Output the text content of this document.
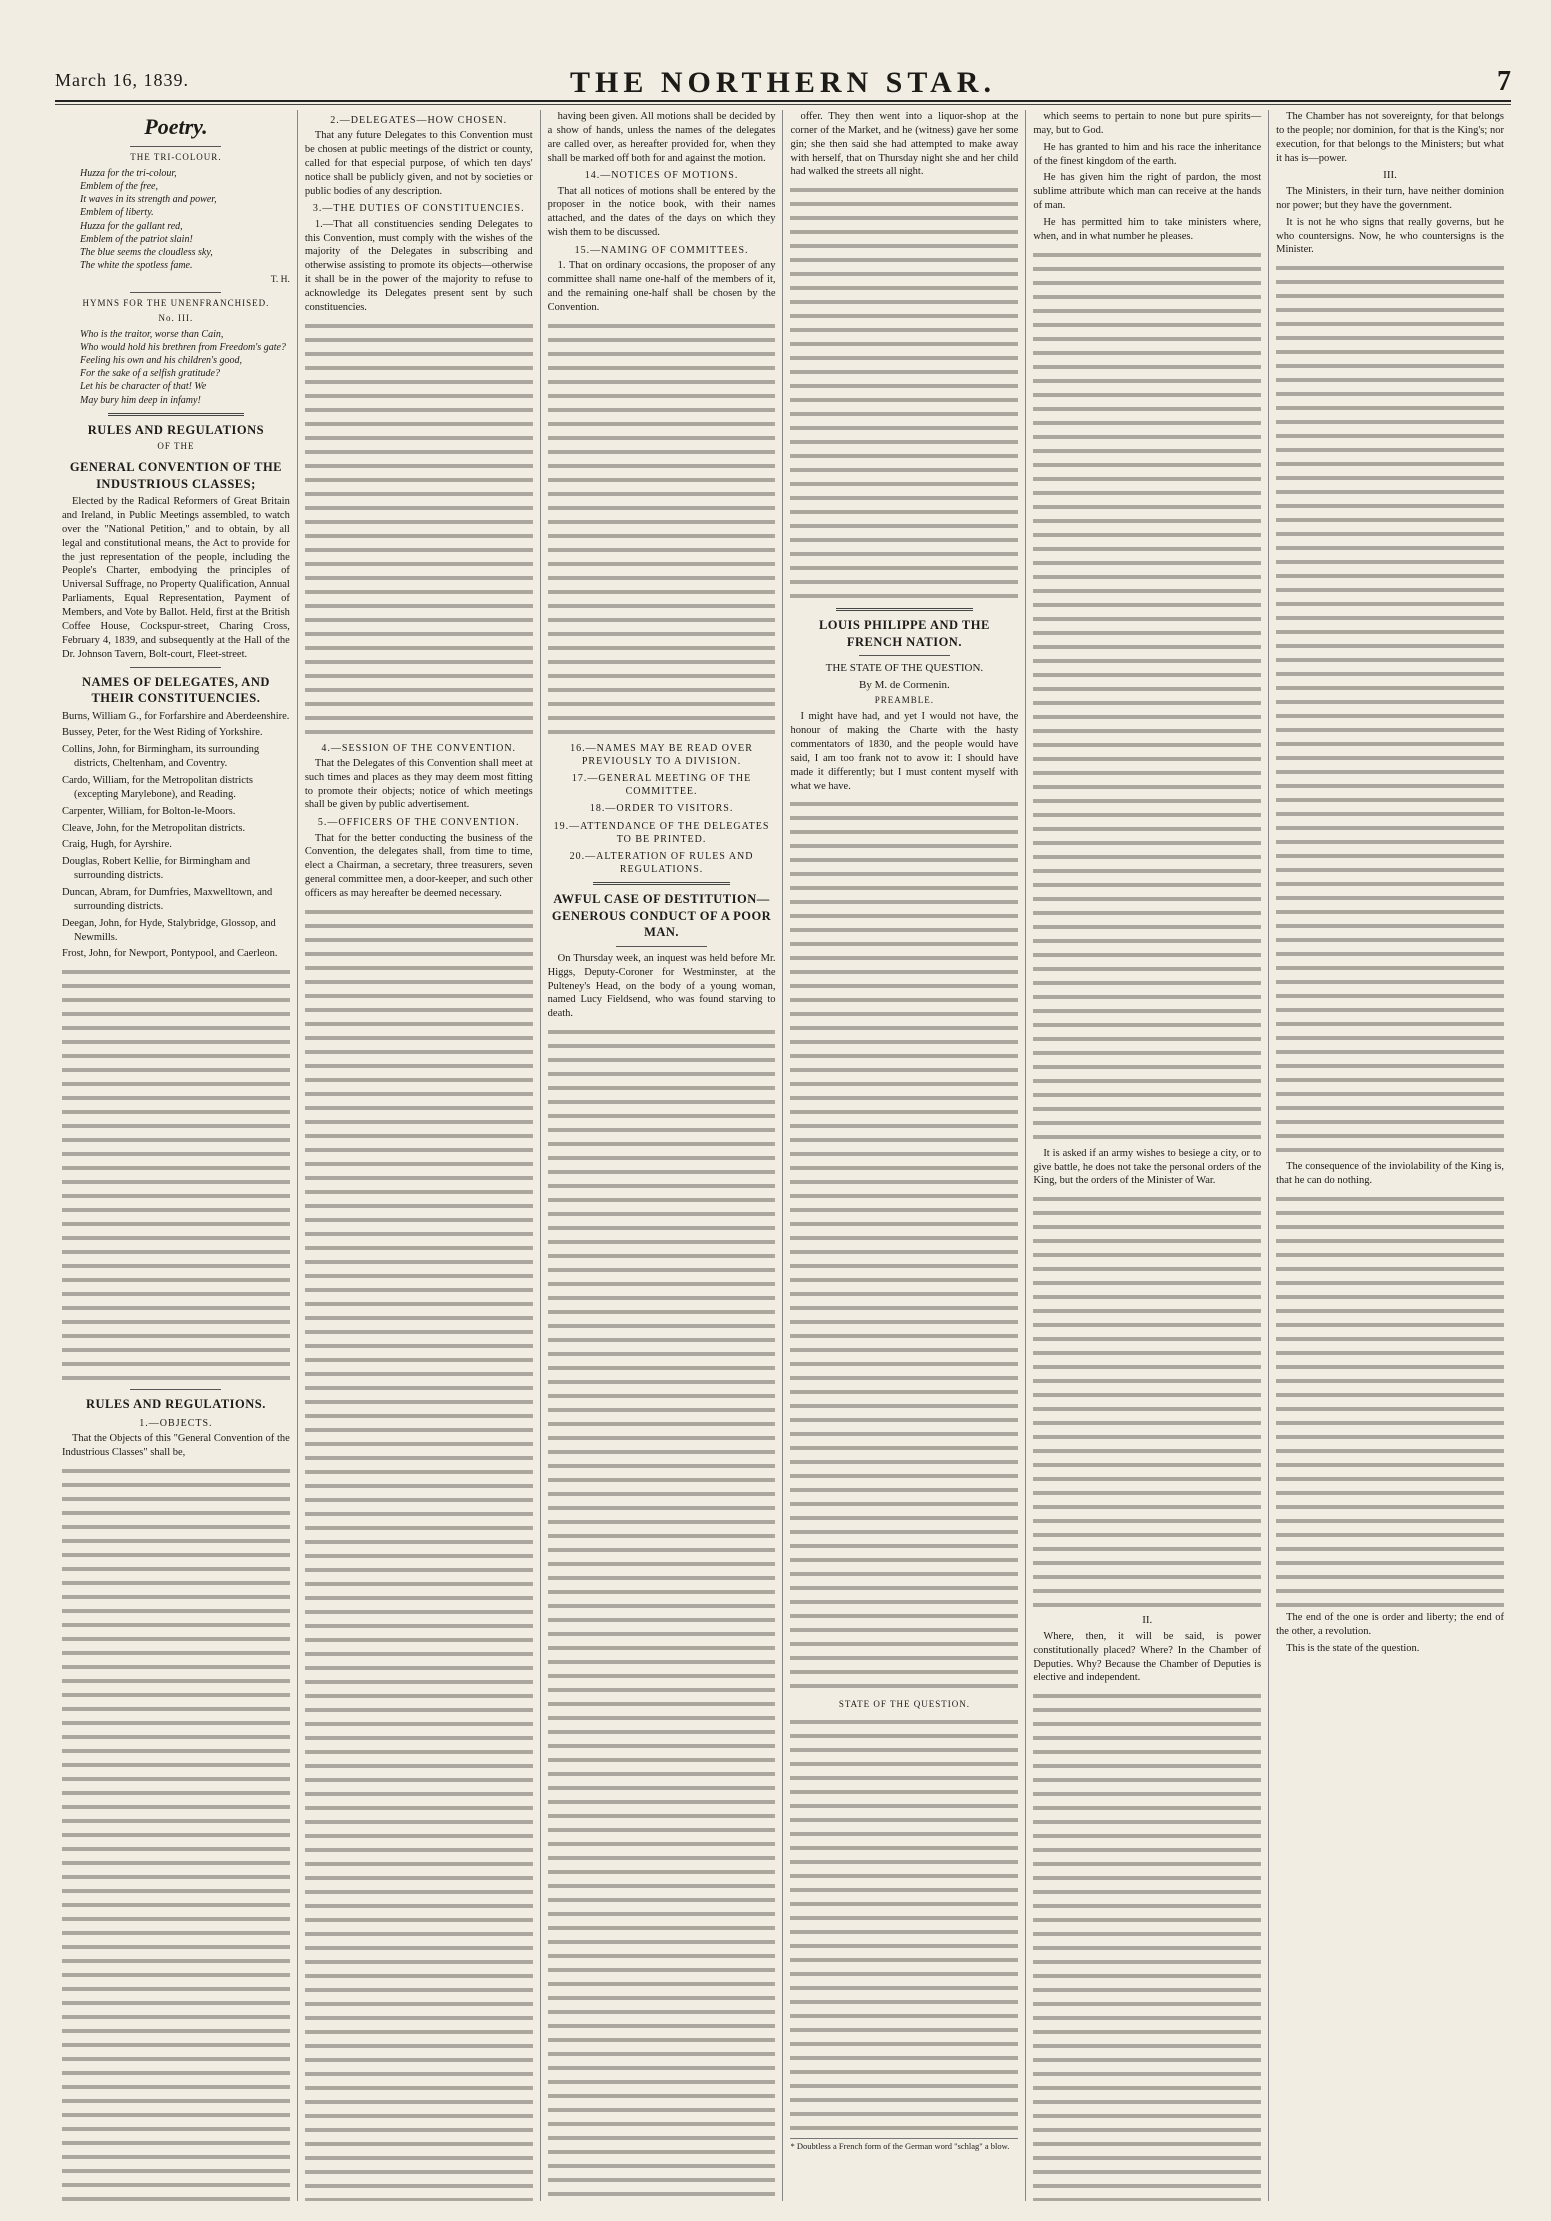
March 16, 1839.	THE NORTHERN STAR.	7
Poetry.
THE TRI-COLOUR.
Huzza for the tri-colour,
Emblem of the free,
It waves in its strength and power,
Emblem of liberty.
Huzza for the gallant red,
Emblem of the patriot slain!
The blue seems the cloudless sky,
The white the spotless fame.
T. H.
HYMNS FOR THE UNENFRANCHISED.
No. III.
Who is the traitor, worse than Cain,
Who would hold his brethren from Freedom's gate?
Feeling his own and his children's good,
For the sake of a selfish gratitude?
Let his be character of that! We
May bury him deep in infamy!
RULES AND REGULATIONS
OF THE
GENERAL CONVENTION OF THE INDUSTRIOUS CLASSES;

Elected by the Radical Reformers of Great Britain and Ireland, in Public Meetings assembled, to watch over the "National Petition," and to obtain, by all legal and constitutional means, the Act to provide for the just representation of the people, including the People's Charter, embodying the principles of Universal Suffrage, no Property Qualification, Annual Parliaments, Equal Representation, Payment of Members, and Vote by Ballot. Held, first at the British Coffee House, Cockspur-street, Charing Cross, February 4, 1839, and subsequently at the Hall of the Dr. Johnson Tavern, Bolt-court, Fleet-street.

NAMES OF DELEGATES, AND THEIR CONSTITUENCIES.

Burns, William G., for Forfarshire and Aberdeenshire.

Bussey, Peter, for the West Riding of Yorkshire.

Collins, John, for Birmingham, its surrounding districts, Cheltenham, and Coventry.

Cardo, William, for the Metropolitan districts (excepting Marylebone), and Reading.

Carpenter, William, for Bolton-le-Moors.

Cleave, John, for the Metropolitan districts.

Craig, Hugh, for Ayrshire.

Douglas, Robert Kellie, for Birmingham and surrounding districts.

Duncan, Abram, for Dumfries, Maxwelltown, and surrounding districts.

Deegan, John, for Hyde, Stalybridge, Glossop, and Newmills.

Frost, John, for Newport, Pontypool, and Caerleon.

RULES AND REGULATIONS.
1.—OBJECTS.

That the Objects of this "General Convention of the Industrious Classes" shall be,

2.—DELEGATES—HOW CHOSEN.

That any future Delegates to this Convention must be chosen at public meetings of the district or county, called for that especial purpose, of which ten days' notice shall be publicly given, and not by societies or public bodies of any description.

3.—THE DUTIES OF CONSTITUENCIES.

1.—That all constituencies sending Delegates to this Convention, must comply with the wishes of the majority of the Delegates in subscribing and otherwise assisting to promote its objects—otherwise it shall be in the power of the majority to refuse to acknowledge its Delegates present sent by such constituencies.

4.—SESSION OF THE CONVENTION.

That the Delegates of this Convention shall meet at such times and places as they may deem most fitting to promote their objects; notice of which meetings shall be given by public advertisement.

5.—OFFICERS OF THE CONVENTION.

That for the better conducting the business of the Convention, the delegates shall, from time to time, elect a Chairman, a secretary, three treasurers, seven general committee men, a door-keeper, and such other officers as may hereafter be deemed necessary.

having been given. All motions shall be decided by a show of hands, unless the names of the delegates are called over, as hereafter provided for, when they shall be marked off both for and against the motion.

14.—NOTICES OF MOTIONS.

That all notices of motions shall be entered by the proposer in the notice book, with their names attached, and the dates of the days on which they wish them to be discussed.

15.—NAMING OF COMMITTEES.

1. That on ordinary occasions, the proposer of any committee shall name one-half of the members of it, and the remaining one-half shall be chosen by the Convention.

16.—NAMES MAY BE READ OVER PREVIOUSLY TO A DIVISION.
17.—GENERAL MEETING OF THE COMMITTEE.
18.—ORDER TO VISITORS.
19.—ATTENDANCE OF THE DELEGATES TO BE PRINTED.
20.—ALTERATION OF RULES AND REGULATIONS.
AWFUL CASE OF DESTITUTION—GENEROUS CONDUCT OF A POOR MAN.

On Thursday week, an inquest was held before Mr. Higgs, Deputy-Coroner for Westminster, at the Pulteney's Head, on the body of a young woman, named Lucy Fieldsend, who was found starving to death.

offer. They then went into a liquor-shop at the corner of the Market, and he (witness) gave her some gin; she then said she had attempted to make away with herself, that on Thursday night she and her child had walked the streets all night.

LOUIS PHILIPPE AND THE FRENCH NATION.
THE STATE OF THE QUESTION.
By M. de Cormenin.
PREAMBLE.

I might have had, and yet I would not have, the honour of making the Charte with the hasty commentators of 1830, and the people would have said, I am too frank not to avow it: I should have made it differently; but I must content myself with what we have.

STATE OF THE QUESTION.
* Doubtless a French form of the German word "schlag" a blow.

which seems to pertain to none but pure spirits—may, but to God.

He has granted to him and his race the inheritance of the finest kingdom of the earth.

He has given him the right of pardon, the most sublime attribute which man can receive at the hands of man.

He has permitted him to take ministers where, when, and in what number he pleases.

It is asked if an army wishes to besiege a city, or to give battle, he does not take the personal orders of the King, but the orders of the Minister of War.

II.

Where, then, it will be said, is power constitutionally placed? Where? In the Chamber of Deputies. Why? Because the Chamber of Deputies is elective and independent.

The Chamber has not sovereignty, for that belongs to the people; nor dominion, for that is the King's; nor execution, for that belongs to the Ministers; but what it has is—power.

III.

The Ministers, in their turn, have neither dominion nor power; but they have the government.

It is not he who signs that really governs, but he who countersigns. Now, he who countersigns is the Minister.

The consequence of the inviolability of the King is, that he can do nothing.

The end of the one is order and liberty; the end of the other, a revolution.

This is the state of the question.
